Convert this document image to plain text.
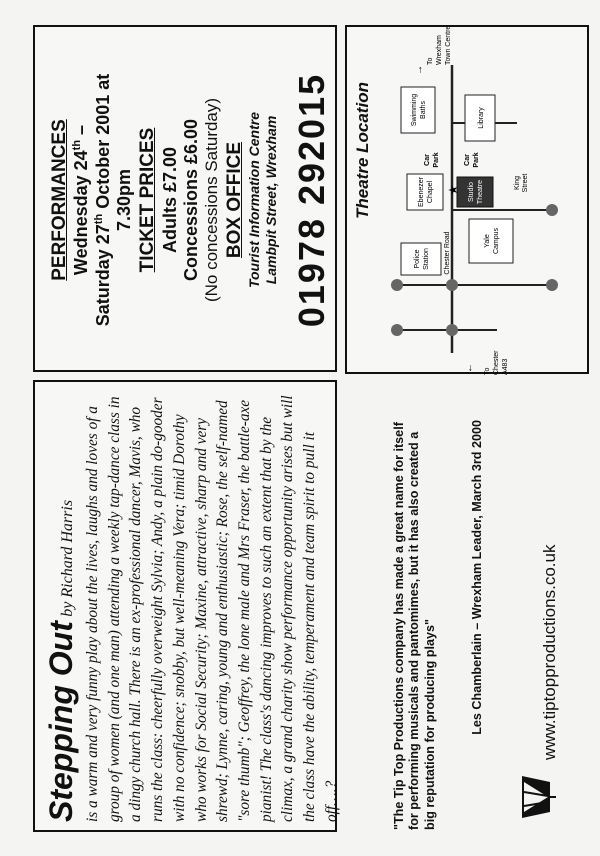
PERFORMANCES Wednesday 24th –
Saturday 27th October 2001 at 7.30pm TICKET PRICES Adults £7.00 Concessions £6.00 (No concessions Saturday) BOX OFFICE Tourist Information Centre Lambpit Street, Wrexham 01978 292015 Theatre Location
Police Station
Yale Campus
Ebenezer Chapel	Studio Theatre
★
Car Park	Car Park
Swimming Baths	Library
Chester Road
King Street
→
To Wrexham Town Centre
← To Chester A483
Stepping Out by Richard Harris is a warm and very funny play about the lives, laughs and loves of a group of women (and one man) attending a weekly tap-dance class in a dingy church hall. There is an ex-professional dancer, Mavis, who runs the class: cheerfully overweight Sylvia; Andy, a plain do-gooder with no confidence; snobby, but well-meaning Vera; timid Dorothy who works for Social Security; Maxine, attractive, sharp and very shrewd; Lynne, caring, young and enthusiastic; Rose, the self-named "sore thumb"; Geoffrey, the lone male and Mrs Fraser, the battle-axe pianist! The class's dancing improves to such an extent that by the climax, a grand charity show performance opportunity arises but will the class have the ability, temperament and team spirit to pull it off….?	"The Tip Top Productions company has made a great name for itself for performing musicals and pantomimes, but it has also created a big reputation for producing plays"	Les Chamberlain – Wrexham Leader, March 3rd 2000	www.tiptopproductions.co.uk
